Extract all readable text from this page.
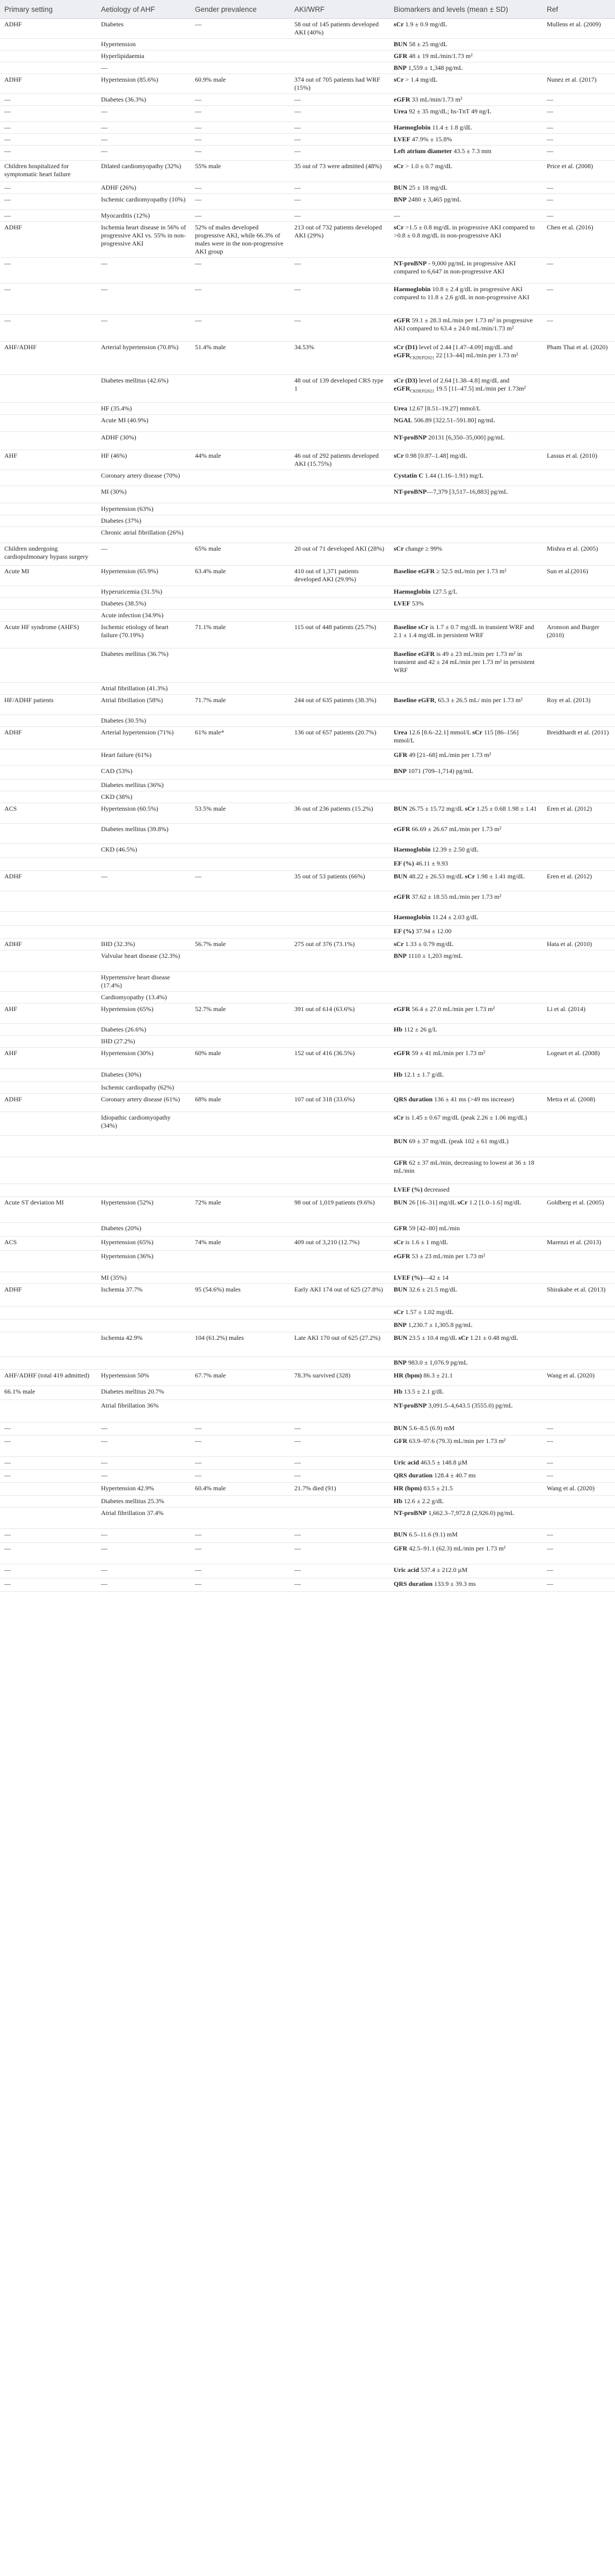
Primary setting	Aetiology of AHF	Gender prevalence	AKI/WRF	Biomarkers and levels (mean ± SD)	Ref
ADHF	Diabetes	—	58 out of 145 patients developed AKI (40%)	sCr 1.9 ± 0.9 mg/dL	Mullens et al. (2009)
	Hypertension			BUN 58 ± 25 mg/dL	
	Hyperlipidaemia			GFR 48 ± 19 mL/min/1.73 m²	
	—			BNP 1,559 ± 1,348 pg/mL	
ADHF	Hypertension (85.6%)	60.9% male	374 out of 705 patients had WRF (15%)	sCr > 1.4 mg/dL	Nunez et al. (2017)
—	Diabetes (36.3%)	—	—	eGFR 33 mL/min/1.73 m²	—
—	—	—	—	Urea 92 ± 35 mg/dL; hs-TnT 49 ng/L	—
—	—	—	—	Haemoglobin 11.4 ± 1.8 g/dL	—
—	—	—	—	LVEF 47.9% ± 15.8%	—
—	—	—	—	Left atrium diameter 43.5 ± 7.3 mm	—
Children hospitalized for symptomatic heart failure	Dilated cardiomyopathy (32%)	55% male	35 out of 73 were admitted (48%)	sCr > 1.0 ± 0.7 mg/dL	Price et al. (2008)
—	ADHF (26%)	—	—	BUN 25 ± 18 mg/dL	—
—	Ischemic cardiomyopathy (10%)	—	—	BNP 2480 ± 3,465 pg/mL	—
—	Myocarditis (12%)	—	—	—	—
ADHF	Ischemia heart disease in 56% of progressive AKI vs. 55% in non-progressive AKI	52% of males developed progressive AKI, while 66.3% of males were in the non-progressive AKI group	213 out of 732 patients developed AKI (29%)	sCr >1.5 ± 0.8 mg/dL in progressive AKI compared to >0.8 ± 0.8 mg/dL in non-progressive AKI	Chen et al. (2016)
—	—	—	—	NT-proBNP - 9,000 pg/mL in progressive AKI compared to 6,647 in non-progressive AKI	—
—	—	—	—	Haemoglobin 10.8 ± 2.4 g/dL in progressive AKI compared to 11.8 ± 2.6 g/dL in non-progressive AKI	—
—	—	—	—	eGFR 59.1 ± 28.3 mL/min per 1.73 m² in progressive AKI compared to 63.4 ± 24.0 mL/min/1.73 m²	—
AHF/ADHF	Arterial hypertension (70.8%)	51.4% male	34.53%	sCr (D1) level of 2.44 [1.47–4.09] mg/dL and eGFR$_{CKDEPI2021}$ 22 [13–44] mL/min per 1.73 m²	Pham Thai et al. (2020)
	Diabetes mellitus (42.6%)		48 out of 139 developed CRS type 1	sCr (D3) level of 2.64 [1.38–4.8] mg/dL and eGFR$_{CKDEPI2021}$ 19.5 [11–47.5] mL/min per 1.73m²	
	HF (35.4%)			Urea 12.67 [8.51–19.27] mmol/L	
	Acute MI (40.9%)			NGAL 506.89 [322.51–591.80] ng/mL	
	ADHF (30%)			NT-proBNP 20131 [6,350–35,000] pg/mL	
AHF	HF (46%)	44% male	46 out of 292 patients developed AKI (15.75%)	sCr 0.98 [0.87–1.48] mg/dL	Lassus et al. (2010)
	Coronary artery disease (70%)			Cystatin C 1.44 (1.16–1.91) mg/L	
	MI (30%)			NT-proBNP—7,379 [3,517–16,883] pg/mL	
	Hypertension (63%)				
	Diabetes (37%)				
	Chronic atrial fibrillation (26%)				
Children undergoing cardiopulmonary bypass surgery	—	65% male	20 out of 71 developed AKI (28%)	sCr change ≥ 99%	Mishra et al. (2005)
Acute MI	Hypertension (65.9%)	63.4% male	410 out of 1,371 patients developed AKI (29.9%)	Baseline eGFR ≥ 52.5 mL/min per 1.73 m²	Sun et al.(2016)
	Hyperuricemia (31.5%)			Haemoglobin 127.5 g/L	
	Diabetes (38.5%)			LVEF 53%	
	Acute infection (34.9%)				
Acute HF syndrome (AHFS)	Ischemic etiology of heart failure (70.19%)	71.1% male	115 out of 448 patients (25.7%)	Baseline sCr is 1.7 ± 0.7 mg/dL in transient WRF and 2.1 ± 1.4 mg/dL in persistent WRF	Aronson and Burger (2010)
	Diabetes mellitus (36.7%)			Baseline eGFR is 49 ± 23 mL/min per 1.73 m² in transient and 42 ± 24 mL/min per 1.73 m² in persistent WRF	
	Atrial fibrillation (41.3%)				
HF/ADHF patients	Atrial fibrillation (58%)	71.7% male	244 out of 635 patients (38.3%)	Baseline eGFR, 65.3 ± 26.5 mL/ min per 1.73 m²	Roy et al. (2013)
	Diabetes (30.5%)				
ADHF	Arterial hypertension (71%)	61% male*	136 out of 657 patients (20.7%)	Urea 12.6 [8.6–22.1] mmol/L sCr 115 [86–156] mmol/L	Breidthardt et al. (2011)
	Heart failure (61%)			GFR 49 [21–68] mL/min per 1.73 m²	
	CAD (53%)			BNP 1071 (709–1,714) pg/mL	
	Diabetes mellitus (36%)				
	CKD (38%)				
ACS	Hypertension (60.5%)	53.5% male	36 out of 236 patients (15.2%)	BUN 26.75 ± 15.72 mg/dL sCr 1.25 ± 0.68 1.98 ± 1.41	Eren et al. (2012)
	Diabetes mellitus (39.8%)			eGFR 66.69 ± 26.67 mL/min per 1.73 m²	
	CKD (46.5%)			Haemoglobin 12.39 ± 2.50 g/dL	
				EF (%) 46.11 ± 9.93	
ADHF	—	—	35 out of 53 patients (66%)	BUN 48.22 ± 26.53 mg/dL sCr 1.98 ± 1.41 mg/dL	Eren et al. (2012)
				eGFR 37.62 ± 18.55 mL/min per 1.73 m²	
				Haemoglobin 11.24 ± 2.03 g/dL	
				EF (%) 37.94 ± 12.00	
ADHF	IHD (32.3%)	56.7% male	275 out of 376 (73.1%)	sCr 1.33 ± 0.79 mg/dL	Hata et al. (2010)
	Valvular heart disease (32.3%)			BNP 1110 ± 1,203 mg/mL	
	Hypertensive heart disease (17.4%)				
	Cardiomyopathy (13.4%)				
AHF	Hypertension (65%)	52.7% male	391 out of 614 (63.6%)	eGFR 56.4 ± 27.0 mL/min per 1.73 m²	Li et al. (2014)
	Diabetes (26.6%)			Hb 112 ± 26 g/L	
	IHD (27.2%)				
AHF	Hypertension (30%)	60% male	152 out of 416 (36.5%)	eGFR 59 ± 41 mL/min per 1.73 m²	Logeart et al. (2008)
	Diabetes (30%)			Hb 12.1 ± 1.7 g/dL	
	Ischemic cardiopathy (62%)				
ADHF	Coronary artery disease (61%)	68% male	107 out of 318 (33.6%)	QRS duration 136 ± 41 ms (>49 ms increase)	Metra et al. (2008)
	Idiopathic cardiomyopathy (34%)			sCr is 1.45 ± 0.67 mg/dL (peak 2.26 ± 1.06 mg/dL)	
				BUN 69 ± 37 mg/dL (peak 102 ± 61 mg/dL)	
				GFR 62 ± 37 mL/min, decreasing to lowest at 36 ± 18 mL/min	
				LVEF (%) decreased	
Acute ST deviation MI	Hypertension (52%)	72% male	98 out of 1,019 patients (9.6%)	BUN 26 [16–31] mg/dL sCr 1.2 [1.0–1.6] mg/dL	Goldberg et al. (2005)
	Diabetes (20%)			GFR 59 [42–80] mL/min	
ACS	Hypertension (65%)	74% male	409 out of 3,210 (12.7%)	sCr is 1.6 ± 1 mg/dL	Marenzi et al. (2013)
	Hypertension (36%)			eGFR 53 ± 23 mL/min per 1.73 m²	
	MI (35%)			LVEF (%)—42 ± 14	
ADHF	Ischemia 37.7%	95 (54.6%) males	Early AKI 174 out of 625 (27.8%)	BUN 32.6 ± 21.5 mg/dL	Shirakabe et al. (2013)
				sCr 1.57 ± 1.02 mg/dL	
				BNP 1,230.7 ± 1,305.8 pg/mL	
	Ischemia 42.9%	104 (61.2%) males	Late AKI 170 out of 625 (27.2%)	BUN 23.5 ± 10.4 mg/dL sCr 1.21 ± 0.48 mg/dL	
				BNP 983.0 ± 1,076.9 pg/mL	
AHF/ADHF (total 419 admitted)	Hypertension 50%	67.7% male	78.3% survived (328)	HR (bpm) 86.3 ± 21.1	Wang et al. (2020)
66.1% male	Diabetes mellitus 20.7%			Hb 13.5 ± 2.1 g/dL	
	Atrial fibrillation 36%			NT-proBNP 3,091.5–4,643.5 (3555.0) pg/mL	
—	—	—	—	BUN 5.6–8.5 (6.9) mM	—
—	—	—	—	GFR 63.9–97.6 (79.3) mL/min per 1.73 m²	—
—	—	—	—	Uric acid 463.5 ± 148.8 µM	—
—	—	—	—	QRS duration 128.4 ± 40.7 ms	—
	Hypertension 42.9%	60.4% male	21.7% died (91)	HR (bpm) 83.5 ± 21.5	Wang et al. (2020)
	Diabetes mellitus 25.3%			Hb 12.6 ± 2.2 g/dL	
	Atrial fibrillation 37.4%			NT-proBNP 1,662.3–7,972.8 (2,926.0) pg/mL	
—	—	—	—	BUN 6.5–11.6 (9.1) mM	—
—	—	—	—	GFR 42.5–91.1 (62.3) mL/min per 1.73 m²	—
—	—	—	—	Uric acid 537.4 ± 212.0 µM	—
—	—	—	—	QRS duration 133.9 ± 39.3 ms	—
